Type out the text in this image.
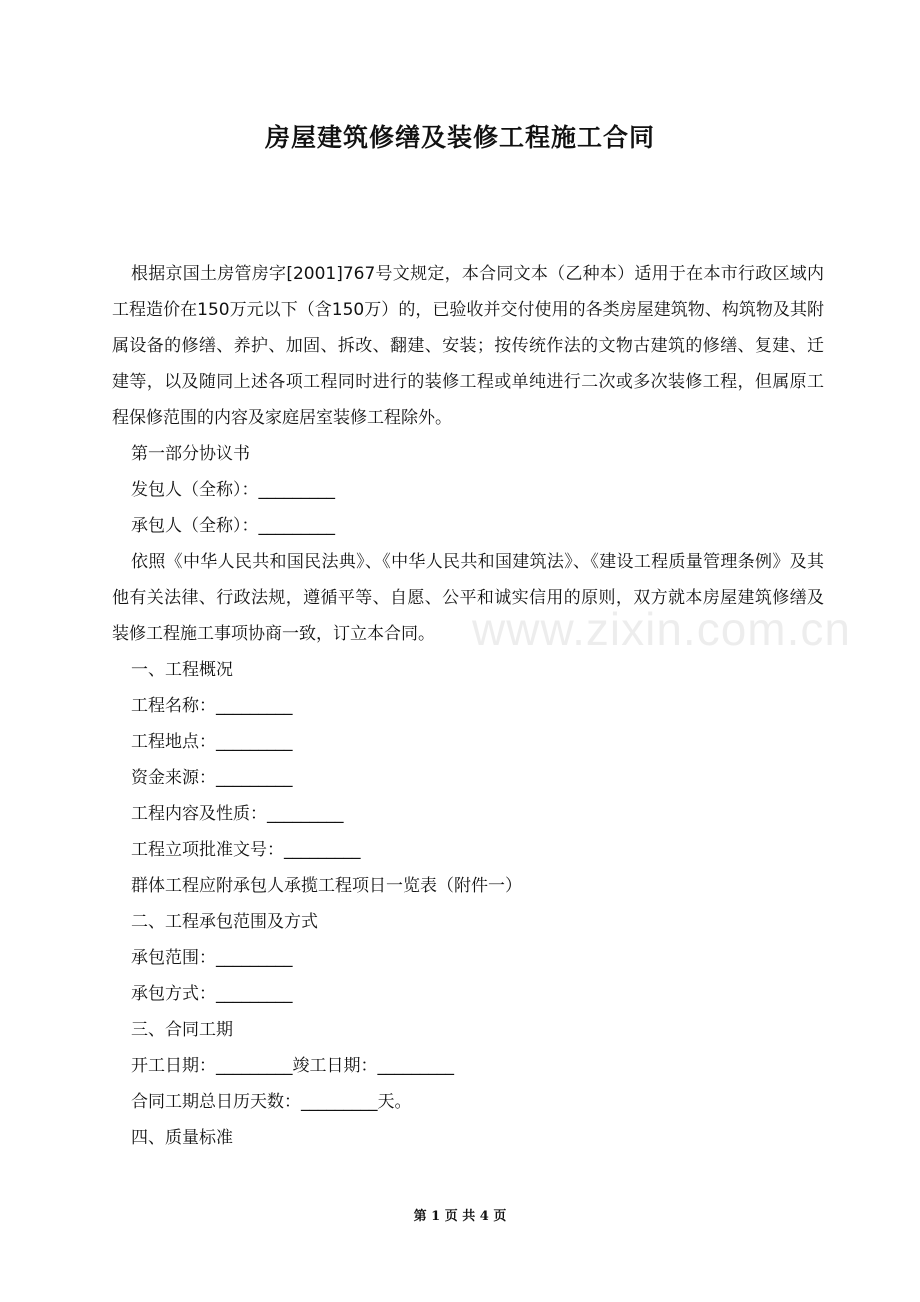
房屋建筑修缮及装修工程施工合同

根据京国土房管房字[2001]767号文规定，本合同文本（乙种本）适用于在本市行政区域内工程造价在150万元以下（含150万）的，已验收并交付使用的各类房屋建筑物、构筑物及其附属设备的修缮、养护、加固、拆改、翻建、安装；按传统作法的文物古建筑的修缮、复建、迁建等，以及随同上述各项工程同时进行的装修工程或单纯进行二次或多次装修工程，但属原工程保修范围的内容及家庭居室装修工程除外。

第一部分协议书

发包人（全称）：_________

承包人（全称）：_________

依照《中华人民共和国民法典》、《中华人民共和国建筑法》、《建设工程质量管理条例》及其他有关法律、行政法规，遵循平等、自愿、公平和诚实信用的原则，双方就本房屋建筑修缮及装修工程施工事项协商一致，订立本合同。

一、工程概况

工程名称：_________

工程地点：_________

资金来源：_________

工程内容及性质：_________

工程立项批准文号：_________

群体工程应附承包人承揽工程项日一览表（附件一）

二、工程承包范围及方式

承包范围：_________

承包方式：_________

三、合同工期

开工日期：_________竣工日期：_________

合同工期总日历天数：_________天。

四、质量标准

www.zixin.com.cn
第 1 页 共 4 页
